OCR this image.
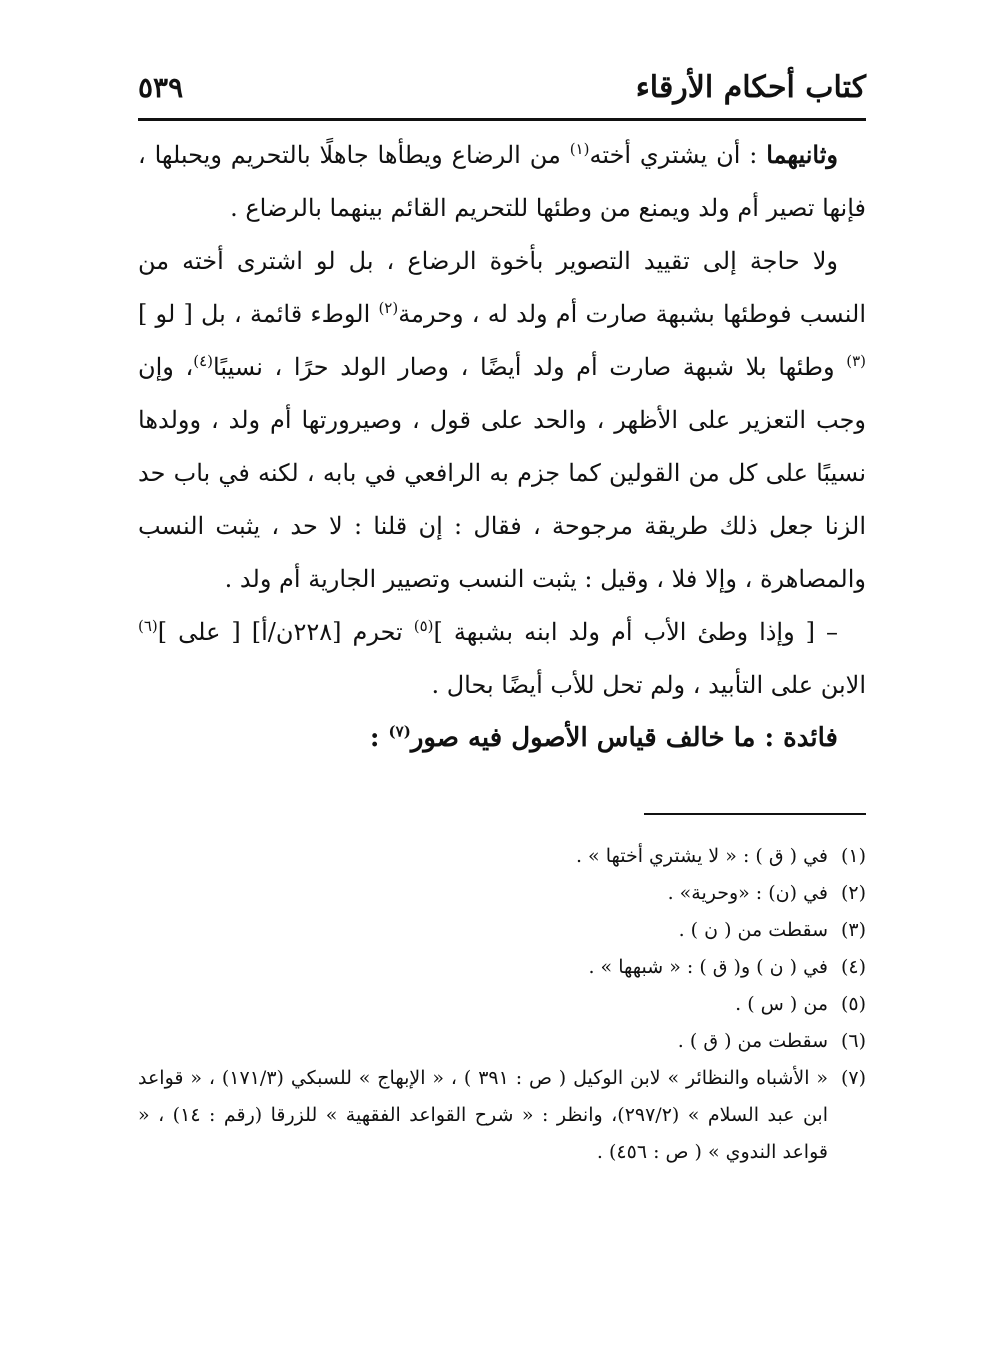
كتاب أحكام الأرقاء
٥٣٩

وثانيهما : أن يشتري أخته$^{(١)}$ من الرضاع ويطأها جاهلًا بالتحريم ويحبلها ، فإنها تصير أم ولد ويمنع من وطئها للتحريم القائم بينهما بالرضاع .

ولا حاجة إلى تقييد التصوير بأخوة الرضاع ، بل لو اشترى أخته من النسب فوطئها بشبهة صارت أم ولد له ، وحرمة$^{(٢)}$ الوطء قائمة ، بل [ لو ]$^{(٣)}$ وطئها بلا شبهة صارت أم ولد أيضًا ، وصار الولد حرًا ، نسيبًا$^{(٤)}$، وإن وجب التعزير على الأظهر ، والحد على قول ، وصيرورتها أم ولد ، وولدها نسيبًا على كل من القولين كما جزم به الرافعي في بابه ، لكنه في باب حد الزنا جعل ذلك طريقة مرجوحة ، فقال : إن قلنا : لا حد ، يثبت النسب والمصاهرة ، وإلا فلا ، وقيل : يثبت النسب وتصيير الجارية أم ولد .

– [ وإذا وطئ الأب أم ولد ابنه بشبهة ]$^{(٥)}$ تحرم [٢٢٨ن/أ] [ على ]$^{(٦)}$ الابن على التأبيد ، ولم تحل للأب أيضًا بحال .

فائدة : ما خالف قياس الأصول فيه صور$^{(٧)}$ :

(١)
في ( ق ) : « لا يشتري أختها » .

(٢)
في (ن) : «وحرية» .

(٣)
سقطت من ( ن ) .

(٤)
في ( ن ) و( ق ) : « شبهها » .

(٥)
من ( س ) .

(٦)
سقطت من ( ق ) .

(٧)
« الأشباه والنظائر » لابن الوكيل ( ص : ٣٩١ ) ، « الإبهاج » للسبكي (١٧١/٣) ، « قواعد ابن عبد السلام » (٢٩٧/٢)، وانظر : « شرح القواعد الفقهية » للزرقا (رقم : ١٤) ، « قواعد الندوي » ( ص : ٤٥٦) .
